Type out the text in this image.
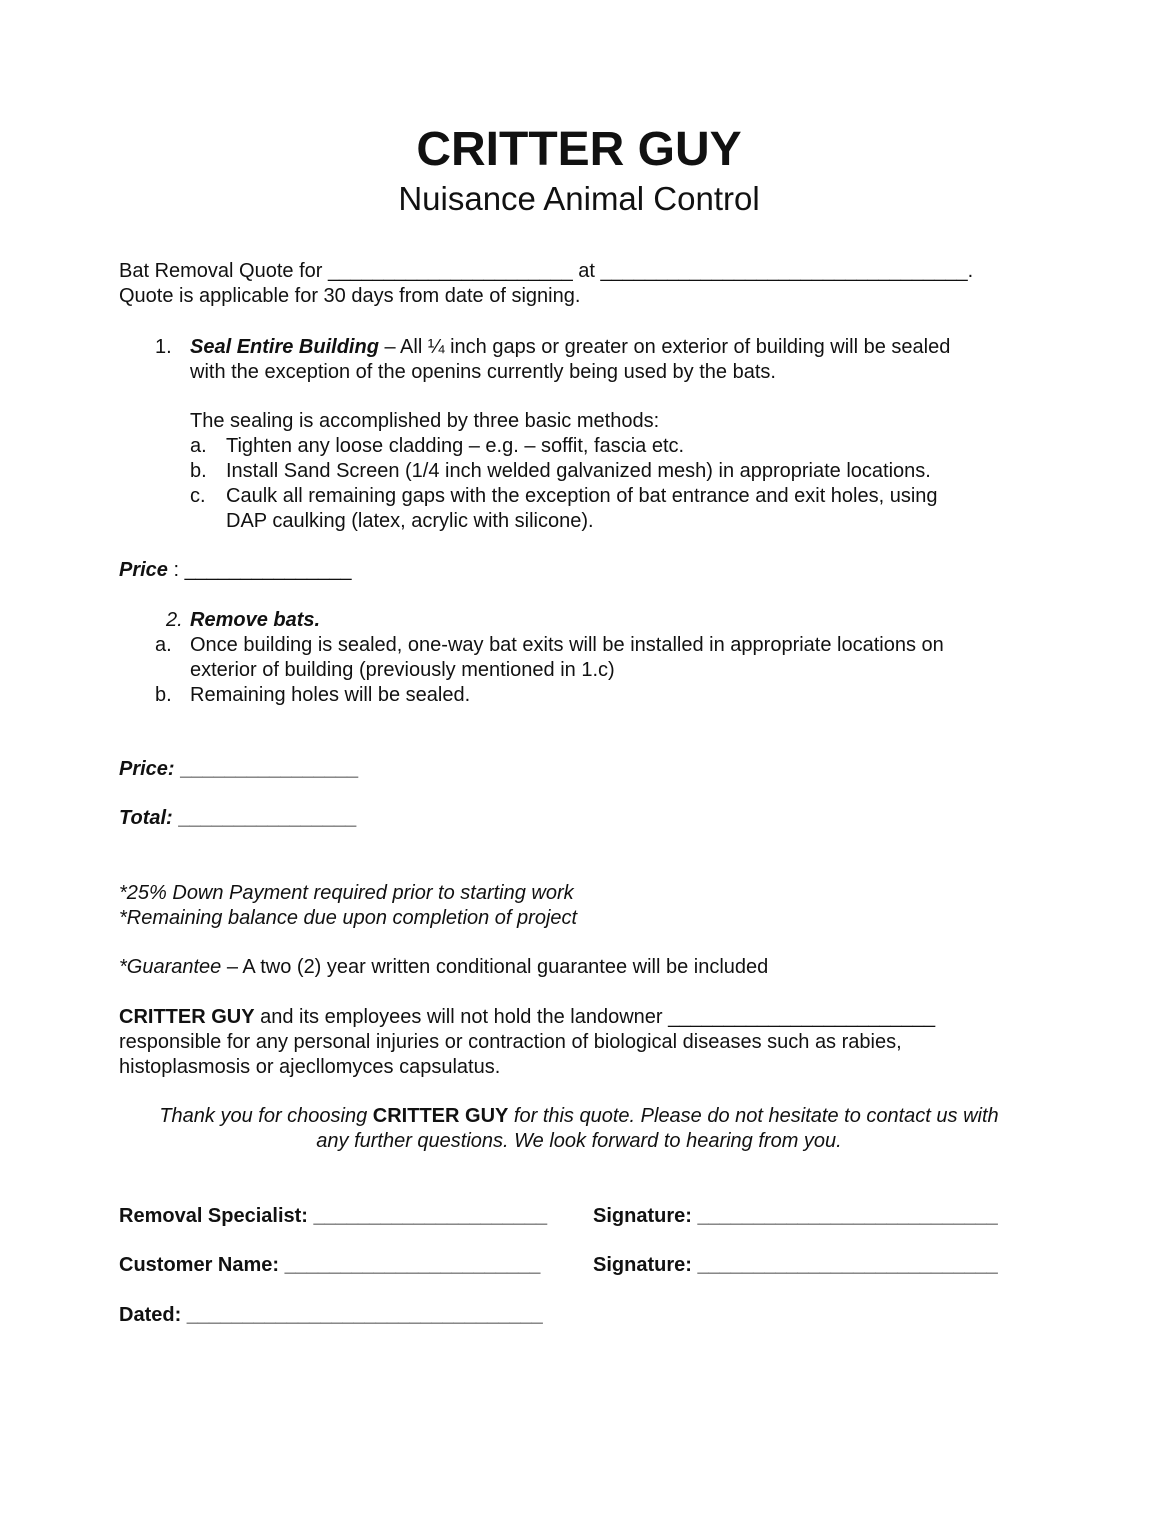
CRITTER GUY
Nuisance Animal Control
Bat Removal Quote for ______________________ at _________________________________.
Quote is applicable for 30 days from date of signing.
1. Seal Entire Building – All ¼ inch gaps or greater on exterior of building will be sealed
with the exception of the openins currently being used by the bats.
The sealing is accomplished by three basic methods:
a. Tighten any loose cladding – e.g. – soffit, fascia etc.
b. Install Sand Screen (1/4 inch welded galvanized mesh) in appropriate locations.
c. Caulk all remaining gaps with the exception of bat entrance and exit holes, using
DAP caulking (latex, acrylic with silicone).
Price : _______________
2. Remove bats.
a. Once building is sealed, one-way bat exits will be installed in appropriate locations on
exterior of building (previously mentioned in 1.c)
b. Remaining holes will be sealed.
Price: ________________
Total: ________________
*25% Down Payment required prior to starting work
*Remaining balance due upon completion of project
*Guarantee – A two (2) year written conditional guarantee will be included
CRITTER GUY and its employees will not hold the landowner ________________________
responsible for any personal injuries or contraction of biological diseases such as rabies,
histoplasmosis or ajecllomyces capsulatus.
Thank you for choosing CRITTER GUY for this quote. Please do not hesitate to contact us with
any further questions. We look forward to hearing from you.
Removal Specialist: _____________________ Signature: ___________________________
Customer Name: _______________________	Signature: ___________________________
Dated: ________________________________
